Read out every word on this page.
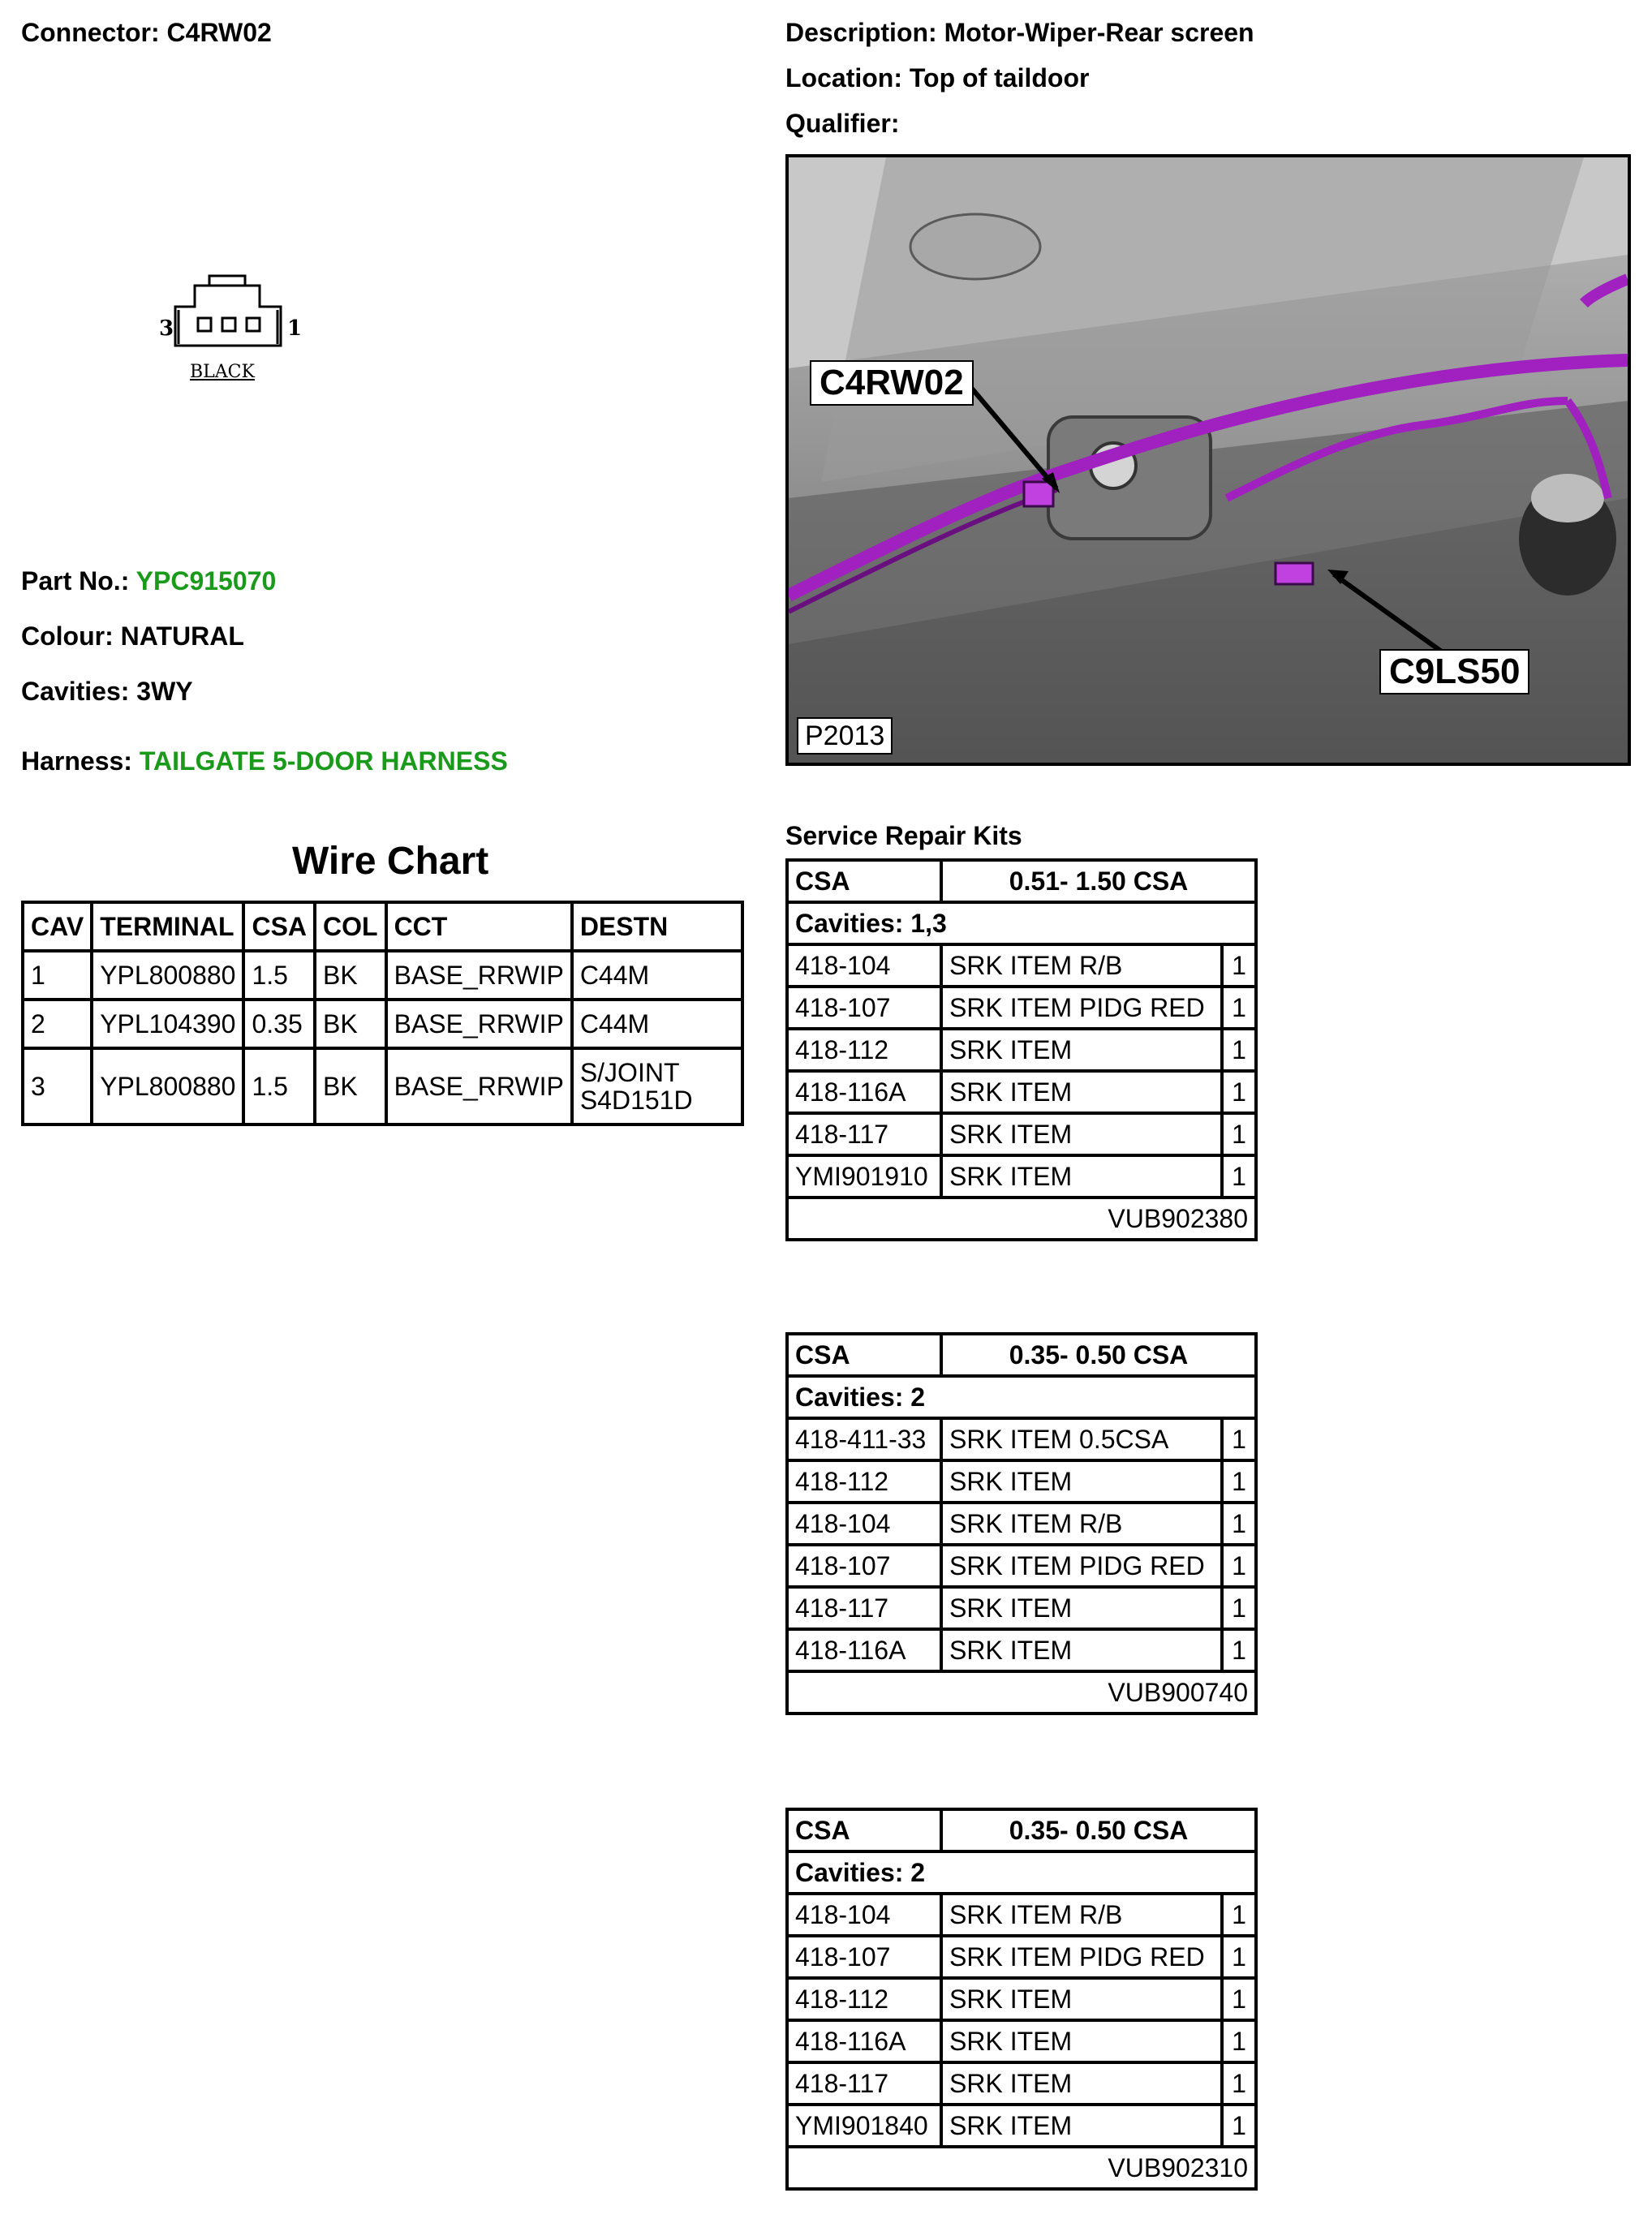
Connector: C4RW02	Description: Motor-Wiper-Rear screen
Location: Top of taildoor
Qualifier:
3	1
BLACK
Part No.: YPC915070
Colour: NATURAL
Cavities: 3WY
Harness: TAILGATE 5-DOOR HARNESS
C4RW02
C9LS50
P2013
Wire Chart
CAV	TERMINAL	CSA	COL	CCT	DESTN
1	YPL800880	1.5	BK	BASE_RRWIP	C44M
2	YPL104390	0.35	BK	BASE_RRWIP	C44M
3	YPL800880	1.5	BK	BASE_RRWIP	S/JOINT S4D151D
Service Repair Kits
CSA	0.51- 1.50 CSA	
Cavities: 1,3		
418-104	SRK ITEM R/B	1
418-107	SRK ITEM PIDG RED	1
418-112	SRK ITEM	1
418-116A	SRK ITEM	1
418-117	SRK ITEM	1
YMI901910	SRK ITEM	1
VUB902380		
CSA	0.35- 0.50 CSA	
Cavities: 2		
418-411-33	SRK ITEM 0.5CSA	1
418-112	SRK ITEM	1
418-104	SRK ITEM R/B	1
418-107	SRK ITEM PIDG RED	1
418-117	SRK ITEM	1
418-116A	SRK ITEM	1
VUB900740		
CSA	0.35- 0.50 CSA	
Cavities: 2		
418-104	SRK ITEM R/B	1
418-107	SRK ITEM PIDG RED	1
418-112	SRK ITEM	1
418-116A	SRK ITEM	1
418-117	SRK ITEM	1
YMI901840	SRK ITEM	1
VUB902310		
